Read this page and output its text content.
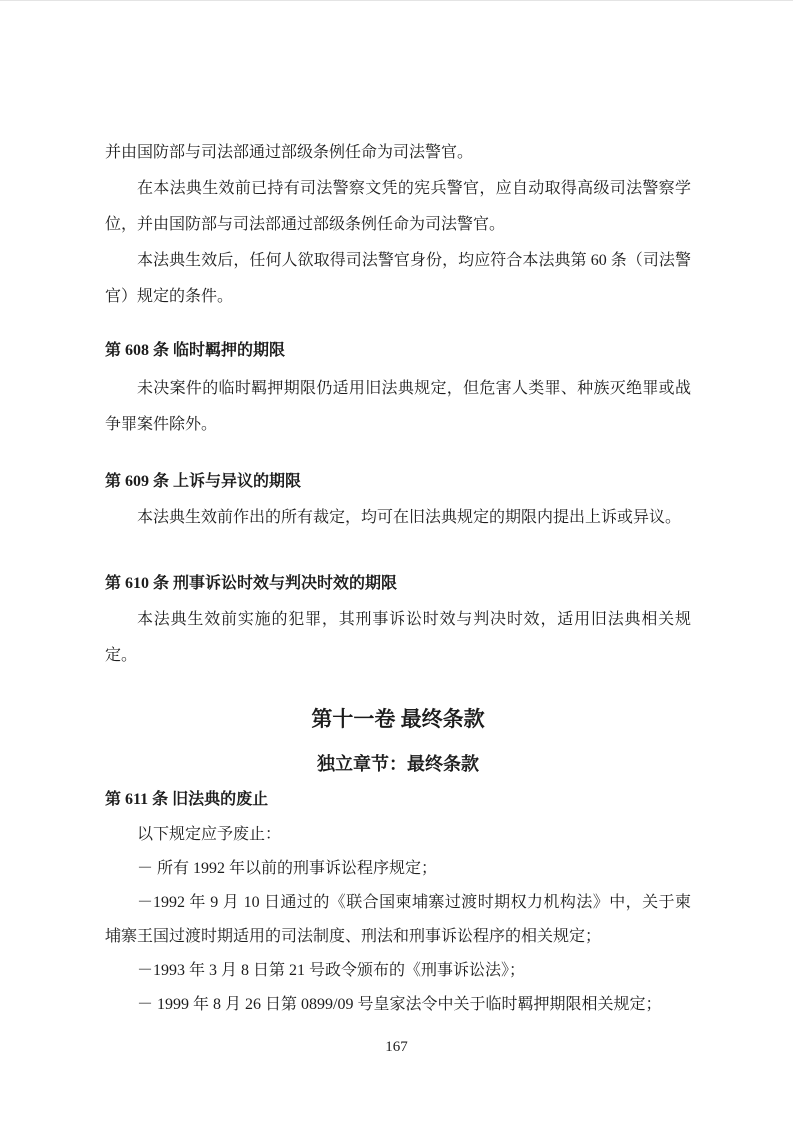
并由国防部与司法部通过部级条例任命为司法警官。

在本法典生效前已持有司法警察文凭的宪兵警官，应自动取得高级司法警察学位，并由国防部与司法部通过部级条例任命为司法警官。

本法典生效后，任何人欲取得司法警官身份，均应符合本法典第 60 条（司法警官）规定的条件。

第 608 条 临时羁押的期限

未决案件的临时羁押期限仍适用旧法典规定，但危害人类罪、种族灭绝罪或战争罪案件除外。

第 609 条 上诉与异议的期限

本法典生效前作出的所有裁定，均可在旧法典规定的期限内提出上诉或异议。

第 610 条 刑事诉讼时效与判决时效的期限

本法典生效前实施的犯罪，其刑事诉讼时效与判决时效，适用旧法典相关规定。

第十一卷 最终条款
独立章节：最终条款
第 611 条 旧法典的废止

以下规定应予废止：

－ 所有 1992 年以前的刑事诉讼程序规定；

－1992 年 9 月 10 日通过的《联合国柬埔寨过渡时期权力机构法》中，关于柬埔寨王国过渡时期适用的司法制度、刑法和刑事诉讼程序的相关规定；

－1993 年 3 月 8 日第 21 号政令颁布的《刑事诉讼法》；

－ 1999 年 8 月 26 日第 0899/09 号皇家法令中关于临时羁押期限相关规定；

167
